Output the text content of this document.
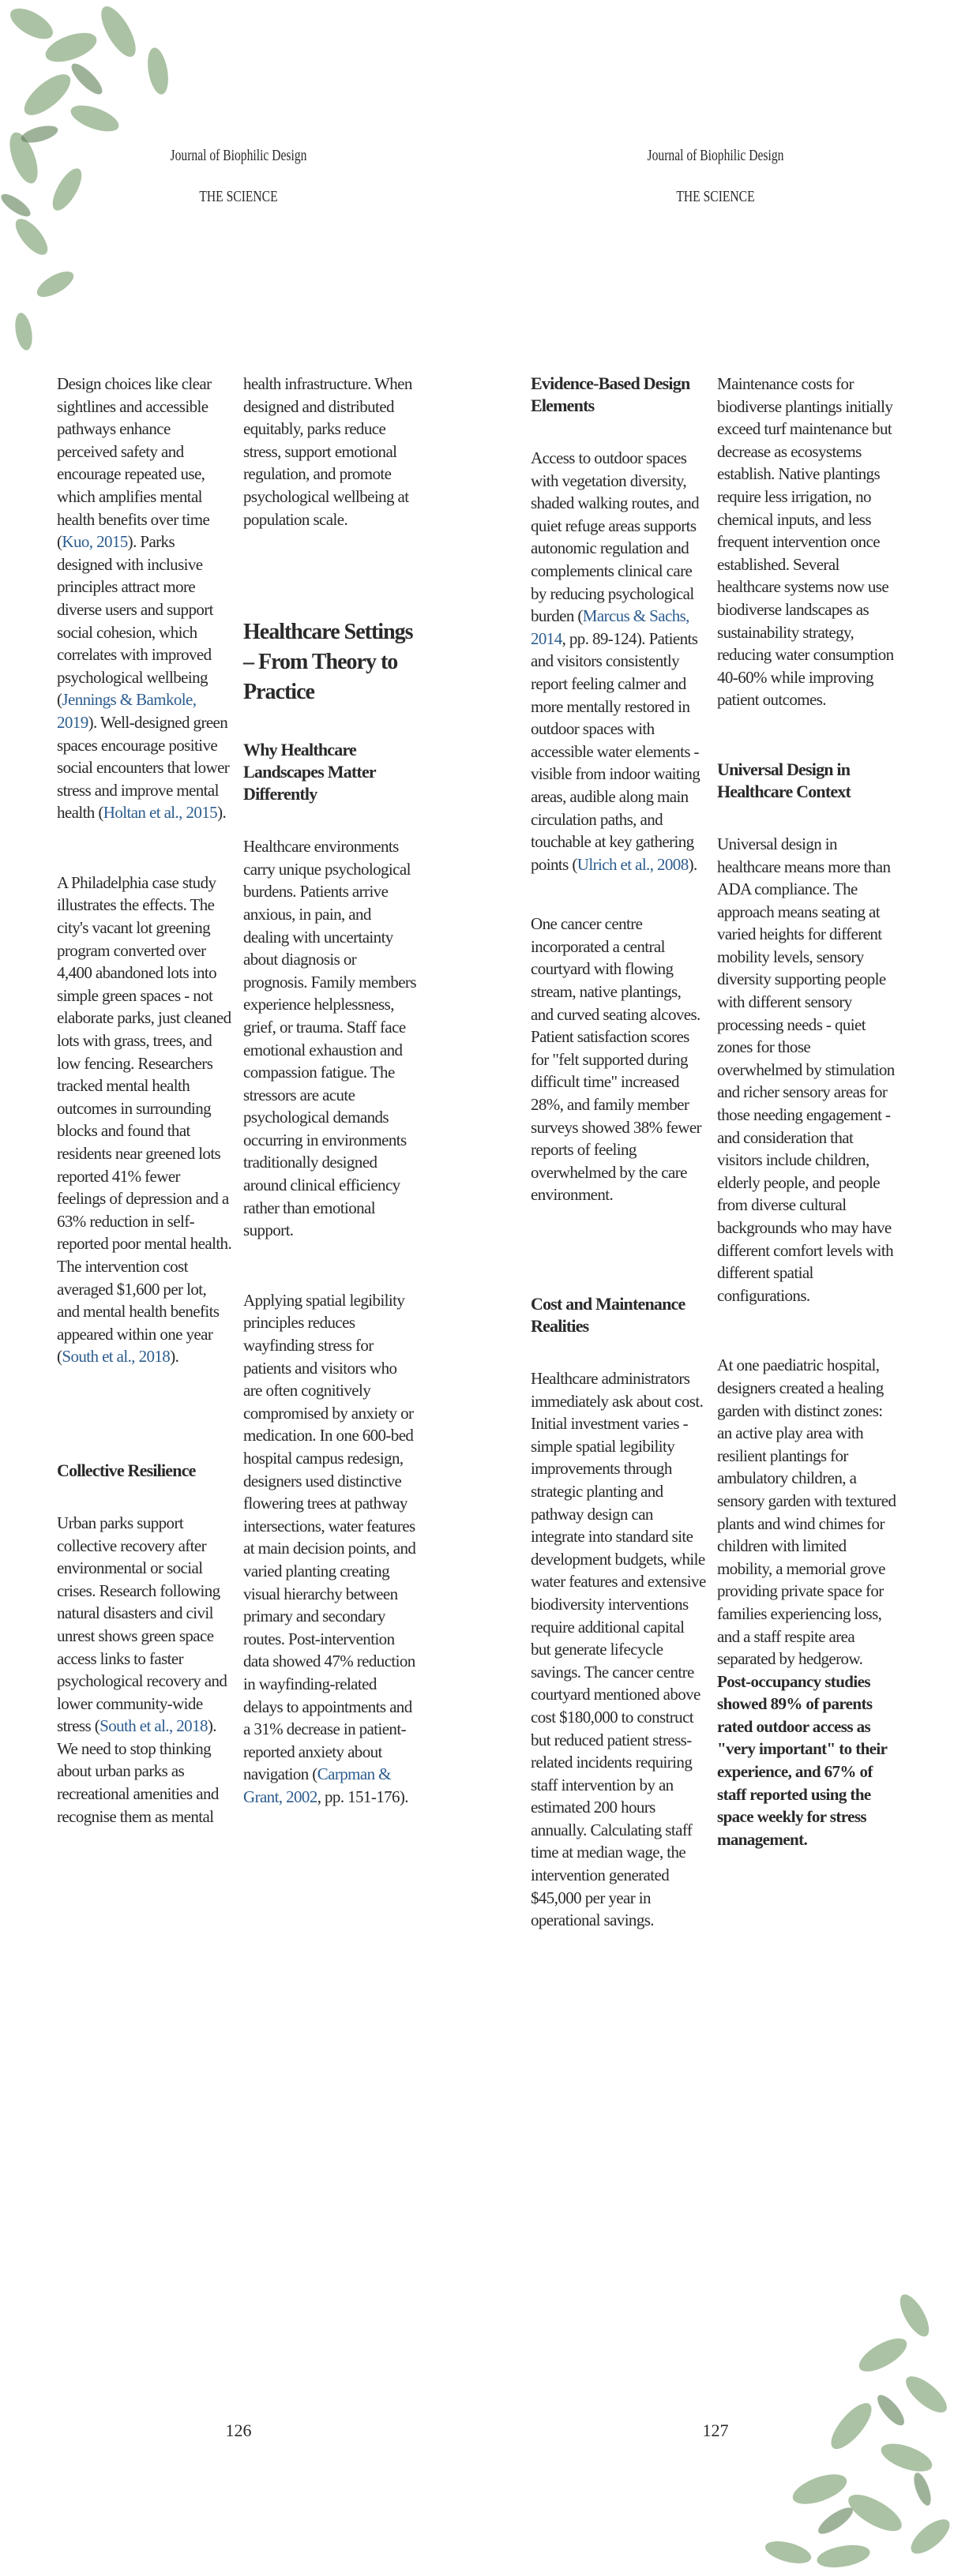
Journal of Biophilic Design
THE SCIENCE

Design choices like clear sightlines and accessible pathways enhance perceived safety and encourage repeated use, which amplifies mental health benefits over time (Kuo, 2015). Parks designed with inclusive principles attract more diverse users and support social cohesion, which correlates with improved psychological wellbeing (Jennings & Bamkole, 2019). Well-designed green spaces encourage positive social encounters that lower stress and improve mental health (Holtan et al., 2015).

A Philadelphia case study illustrates the effects. The city's vacant lot greening program converted over 4,400 abandoned lots into simple green spaces - not elaborate parks, just cleaned lots with grass, trees, and low fencing. Researchers tracked mental health outcomes in surrounding blocks and found that residents near greened lots reported 41% fewer feelings of depression and a 63% reduction in self-reported poor mental health. The intervention cost averaged $1,600 per lot, and mental health benefits appeared within one year (South et al., 2018).

Collective Resilience

Urban parks support collective recovery after environmental or social crises. Research following natural disasters and civil unrest shows green space access links to faster psychological recovery and lower community-wide stress (South et al., 2018). We need to stop thinking about urban parks as recreational amenities and recognise them as mental

health infrastructure. When designed and distributed equitably, parks reduce stress, support emotional regulation, and promote psychological wellbeing at population scale.

Healthcare Settings – From Theory to Practice
Why Healthcare Landscapes Matter Differently

Healthcare environments carry unique psychological burdens. Patients arrive anxious, in pain, and dealing with uncertainty about diagnosis or prognosis. Family members experience helplessness, grief, or trauma. Staff face emotional exhaustion and compassion fatigue. The stressors are acute psychological demands occurring in environments traditionally designed around clinical efficiency rather than emotional support.

Applying spatial legibility principles reduces wayfinding stress for patients and visitors who are often cognitively compromised by anxiety or medication. In one 600-bed hospital campus redesign, designers used distinctive flowering trees at pathway intersections, water features at main decision points, and varied planting creating visual hierarchy between primary and secondary routes. Post-intervention data showed 47% reduction in wayfinding-related delays to appointments and a 31% decrease in patient-reported anxiety about navigation (Carpman & Grant, 2002, pp. 151-176).

126
Journal of Biophilic Design
THE SCIENCE
Evidence-Based Design Elements

Access to outdoor spaces with vegetation diversity, shaded walking routes, and quiet refuge areas supports autonomic regulation and complements clinical care by reducing psychological burden (Marcus & Sachs, 2014, pp. 89-124). Patients and visitors consistently report feeling calmer and more mentally restored in outdoor spaces with accessible water elements - visible from indoor waiting areas, audible along main circulation paths, and touchable at key gathering points (Ulrich et al., 2008).

One cancer centre incorporated a central courtyard with flowing stream, native plantings, and curved seating alcoves. Patient satisfaction scores for "felt supported during difficult time" increased 28%, and family member surveys showed 38% fewer reports of feeling overwhelmed by the care environment.

Cost and Maintenance Realities

Healthcare administrators immediately ask about cost. Initial investment varies - simple spatial legibility improvements through strategic planting and pathway design can integrate into standard site development budgets, while water features and extensive biodiversity interventions require additional capital but generate lifecycle savings. The cancer centre courtyard mentioned above cost $180,000 to construct but reduced patient stress-related incidents requiring staff intervention by an estimated 200 hours annually. Calculating staff time at median wage, the intervention generated $45,000 per year in operational savings.

Maintenance costs for biodiverse plantings initially exceed turf maintenance but decrease as ecosystems establish. Native plantings require less irrigation, no chemical inputs, and less frequent intervention once established. Several healthcare systems now use biodiverse landscapes as sustainability strategy, reducing water consumption 40-60% while improving patient outcomes.

Universal Design in Healthcare Context

Universal design in healthcare means more than ADA compliance. The approach means seating at varied heights for different mobility levels, sensory diversity supporting people with different sensory processing needs - quiet zones for those overwhelmed by stimulation and richer sensory areas for those needing engagement - and consideration that visitors include children, elderly people, and people from diverse cultural backgrounds who may have different comfort levels with different spatial configurations.

At one paediatric hospital, designers created a healing garden with distinct zones: an active play area with resilient plantings for ambulatory children, a sensory garden with textured plants and wind chimes for children with limited mobility, a memorial grove providing private space for families experiencing loss, and a staff respite area separated by hedgerow. Post-occupancy studies showed 89% of parents rated outdoor access as "very important" to their experience, and 67% of staff reported using the space weekly for stress management.

127
